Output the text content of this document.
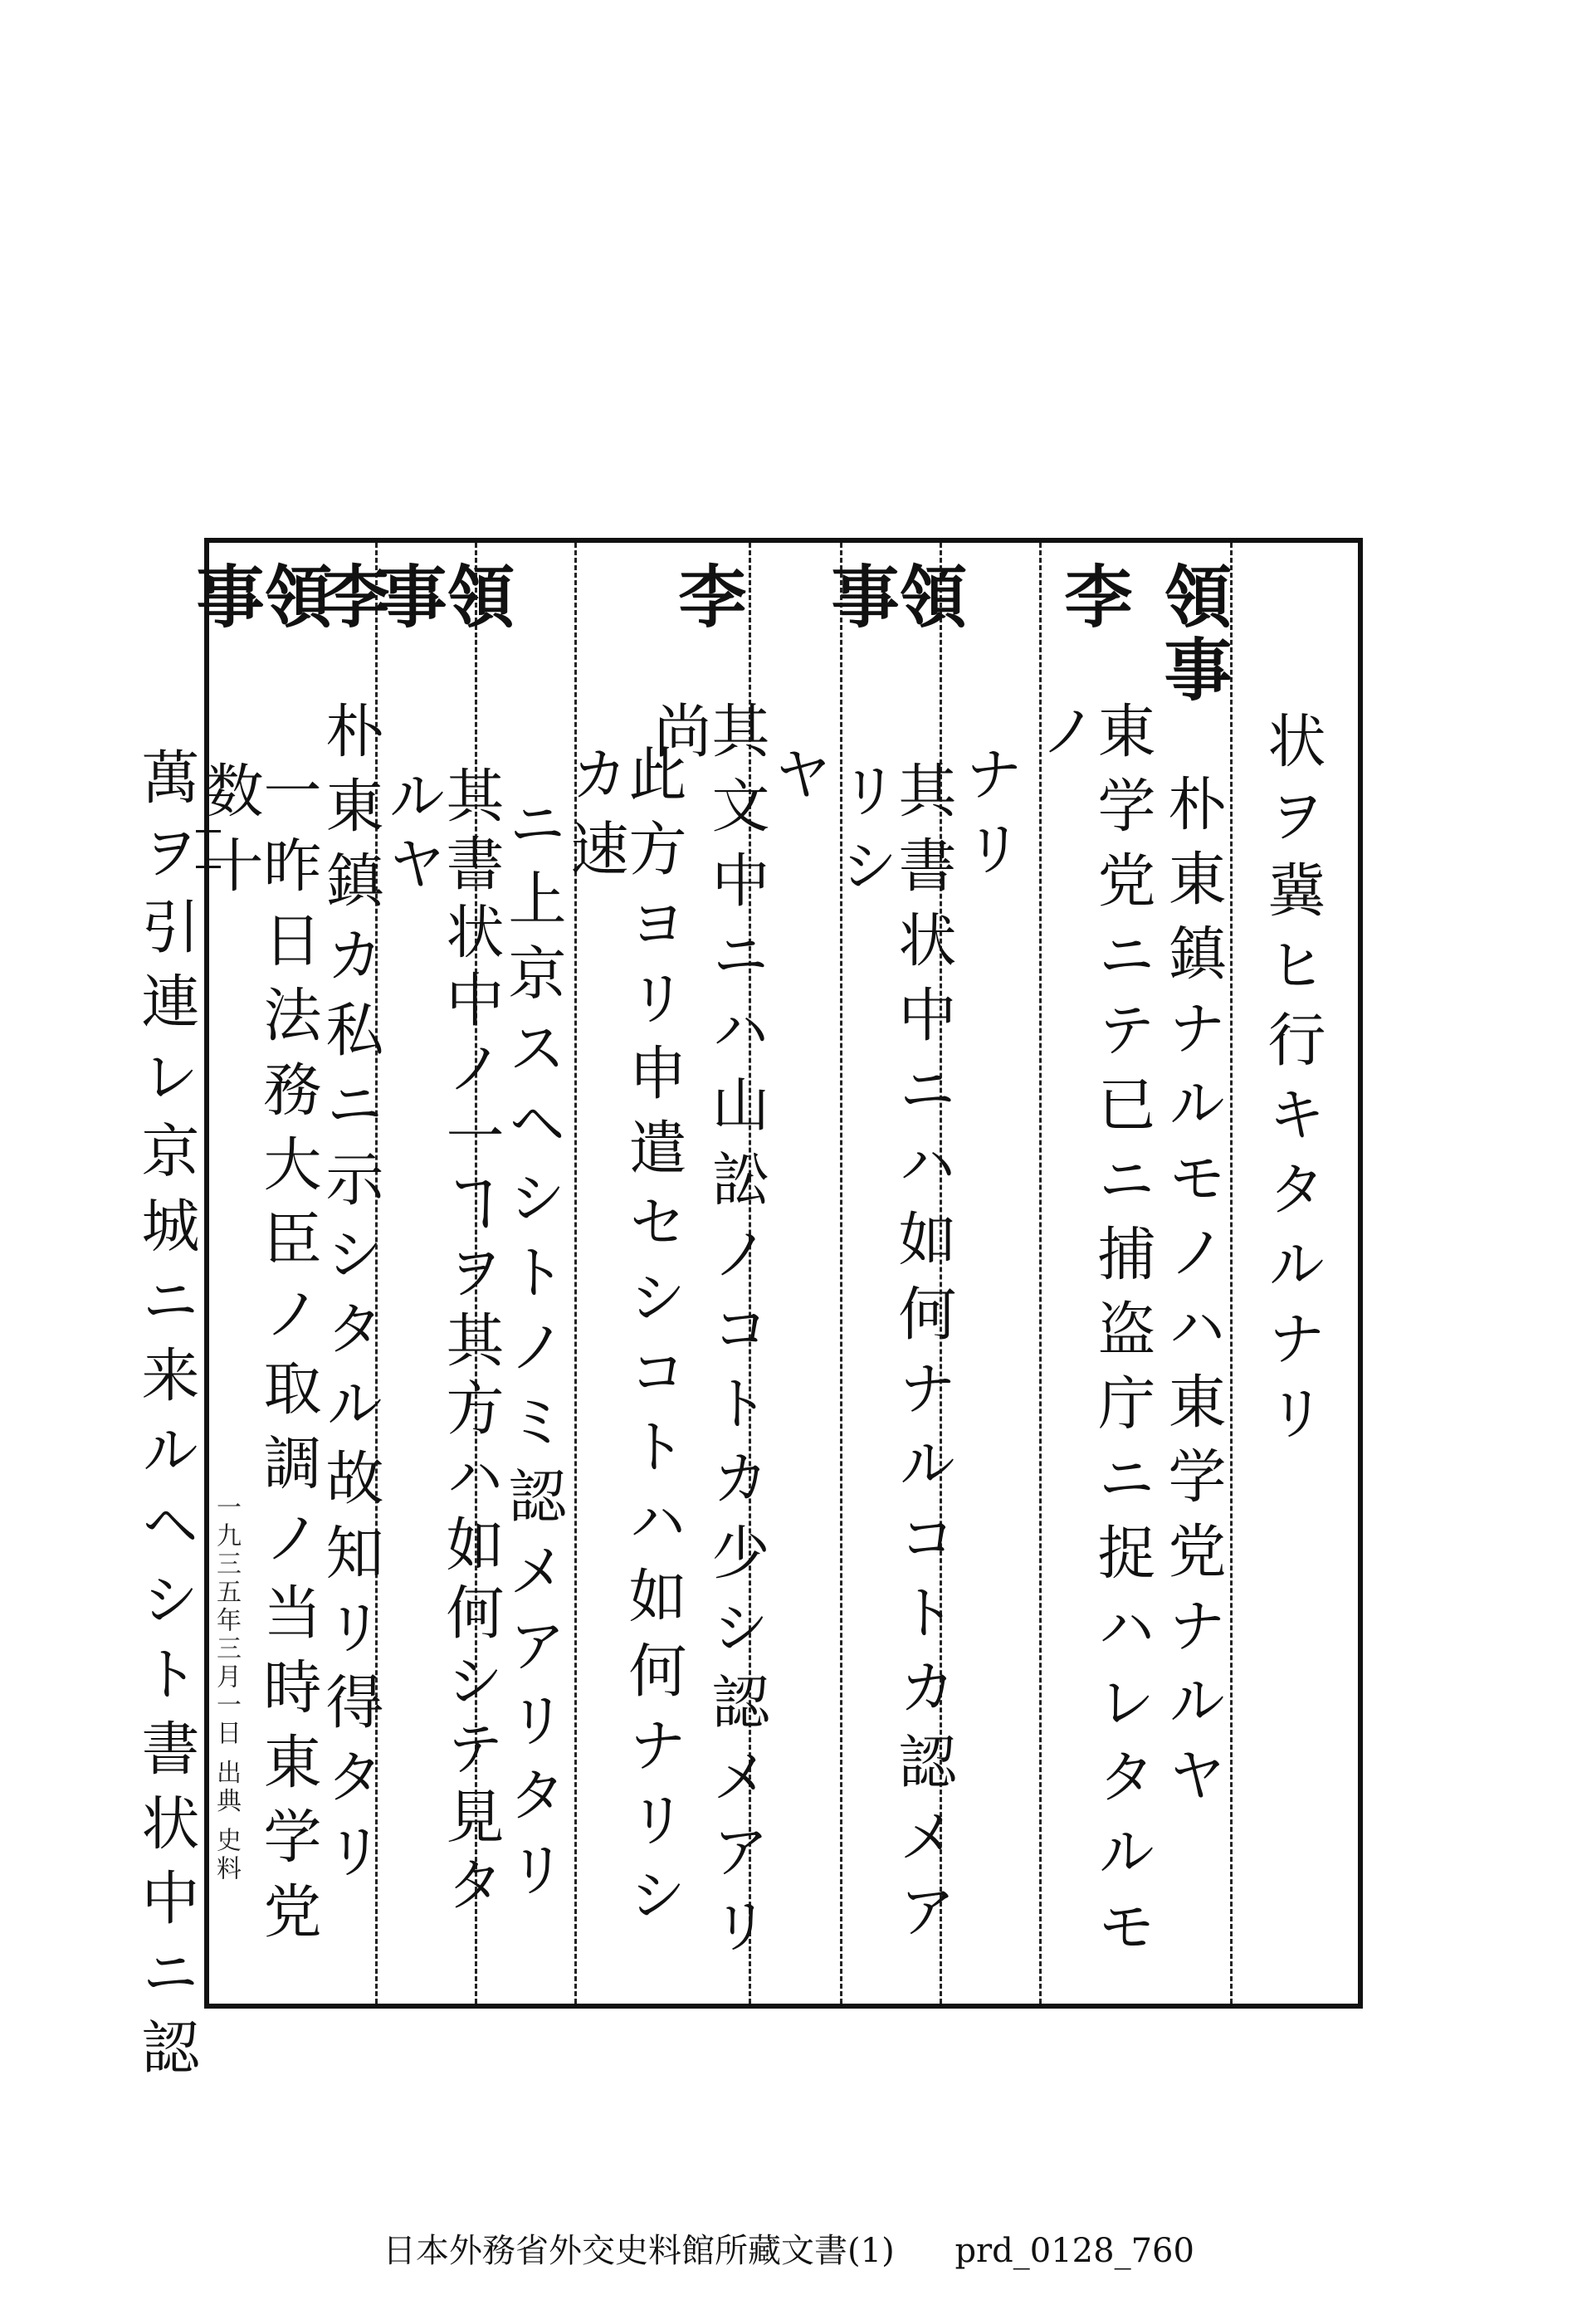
状ヲ冀ヒ行キタルナリ
領事
朴東鎮ナルモノハ東学党ナルヤ
李
東学党ニテ已ニ捕盗庁ニ捉ハレタルモノ
ナリ
領事
其書状中ニハ如何ナルコトカ認メアリシ
ヤ
李
其文中ニハ山訟ノコトカ少シ認メアリ尚
此方ヨリ申遣セシコトハ如何ナリシカ速
ニ上京スヘシトノミ認メアリタリ
領事
其書状中ノ一ヿヲ其方ハ如何シテ見タルヤ
李
朴東鎮カ私ニ示シタル故知リ得タリ
領事
一昨日法務大臣ノ取調ノ当時東学党数十
萬ヲ引連レ京城ニ来ルヘシト書状中ニ認 一九三五年三月一日 出典 史料
日本外務省外交史料館所藏文書(1) prd_0128_760
